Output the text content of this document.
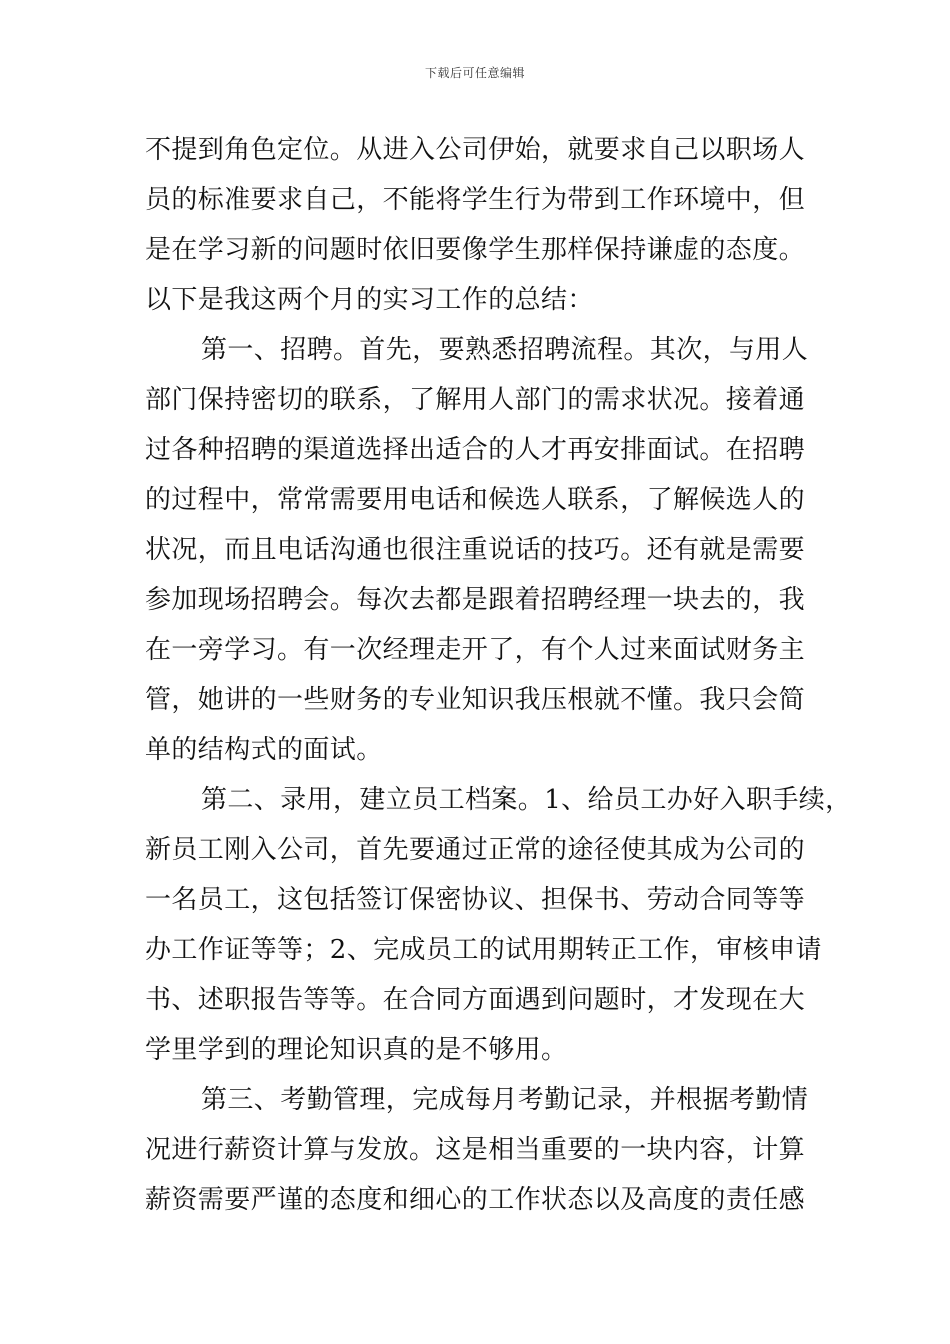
下载后可任意编辑
不提到角色定位。从进入公司伊始，就要求自己以职场人
员的标准要求自己，不能将学生行为带到工作环境中，但
是在学习新的问题时依旧要像学生那样保持谦虚的态度。
以下是我这两个月的实习工作的总结：
第一、招聘。首先，要熟悉招聘流程。其次，与用人
部门保持密切的联系，了解用人部门的需求状况。接着通
过各种招聘的渠道选择出适合的人才再安排面试。在招聘
的过程中，常常需要用电话和候选人联系，了解候选人的
状况，而且电话沟通也很注重说话的技巧。还有就是需要
参加现场招聘会。每次去都是跟着招聘经理一块去的，我
在一旁学习。有一次经理走开了，有个人过来面试财务主
管，她讲的一些财务的专业知识我压根就不懂。我只会简
单的结构式的面试。
第二、录用，建立员工档案。1、给员工办好入职手续，
新员工刚入公司，首先要通过正常的途径使其成为公司的
一名员工，这包括签订保密协议、担保书、劳动合同等等
办工作证等等；2、完成员工的试用期转正工作，审核申请
书、述职报告等等。在合同方面遇到问题时，才发现在大
学里学到的理论知识真的是不够用。
第三、考勤管理，完成每月考勤记录，并根据考勤情
况进行薪资计算与发放。这是相当重要的一块内容，计算
薪资需要严谨的态度和细心的工作状态以及高度的责任感
